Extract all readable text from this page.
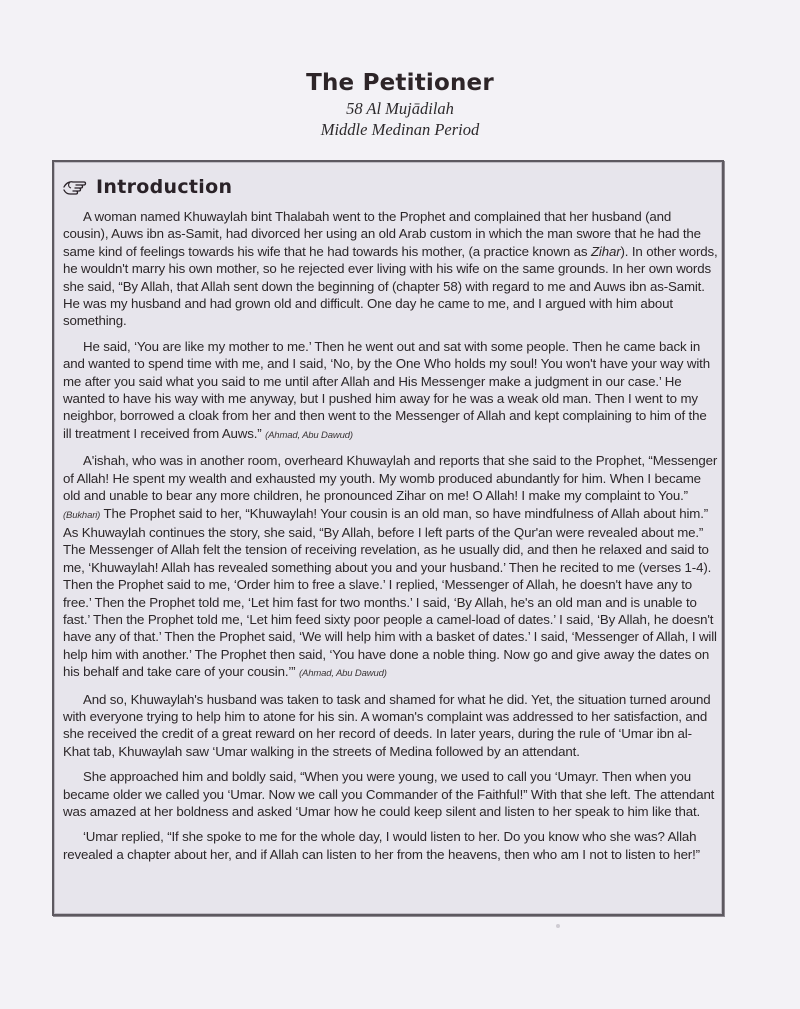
The Petitioner
58 Al Mujādilah
Middle Medinan Period
Introduction

A woman named Khuwaylah bint Thalabah went to the Prophet and complained that her husband (and cousin), Auws ibn as-Samit, had divorced her using an old Arab custom in which the man swore that he had the same kind of feelings towards his wife that he had towards his mother, (a practice known as Zihar). In other words, he wouldn't marry his own mother, so he rejected ever living with his wife on the same grounds. In her own words she said, “By Allah, that Allah sent down the beginning of (chapter 58) with regard to me and Auws ibn as-Samit. He was my husband and had grown old and difficult. One day he came to me, and I argued with him about something.

He said, ‘You are like my mother to me.’ Then he went out and sat with some people. Then he came back in and wanted to spend time with me, and I said, ‘No, by the One Who holds my soul! You won't have your way with me after you said what you said to me until after Allah and His Messenger make a judgment in our case.’ He wanted to have his way with me anyway, but I pushed him away for he was a weak old man. Then I went to my neighbor, borrowed a cloak from her and then went to the Messenger of Allah and kept complaining to him of the ill treatment I received from Auws.” (Ahmad, Abu Dawud)

A'ishah, who was in another room, overheard Khuwaylah and reports that she said to the Prophet, “Messenger of Allah! He spent my wealth and exhausted my youth. My womb produced abundantly for him. When I became old and unable to bear any more children, he pronounced Zihar on me! O Allah! I make my complaint to You.” (Bukhari) The Prophet said to her, “Khuwaylah! Your cousin is an old man, so have mindfulness of Allah about him.” As Khuwaylah continues the story, she said, “By Allah, before I left parts of the Qur'an were revealed about me.” The Messenger of Allah felt the tension of receiving revelation, as he usually did, and then he relaxed and said to me, ‘Khuwaylah! Allah has revealed something about you and your husband.’ Then he recited to me (verses 1-4). Then the Prophet said to me, ‘Order him to free a slave.’ I replied, ‘Messenger of Allah, he doesn't have any to free.’ Then the Prophet told me, ‘Let him fast for two months.’ I said, ‘By Allah, he's an old man and is unable to fast.’ Then the Prophet told me, ‘Let him feed sixty poor people a camel-load of dates.’ I said, ‘By Allah, he doesn't have any of that.’ Then the Prophet said, ‘We will help him with a basket of dates.’ I said, ‘Messenger of Allah, I will help him with another.’ The Prophet then said, ‘You have done a noble thing. Now go and give away the dates on his behalf and take care of your cousin.’” (Ahmad, Abu Dawud)

And so, Khuwaylah's husband was taken to task and shamed for what he did. Yet, the situation turned around with everyone trying to help him to atone for his sin. A woman's complaint was addressed to her satisfaction, and she received the credit of a great reward on her record of deeds. In later years, during the rule of ‘Umar ibn al-Khat tab, Khuwaylah saw ‘Umar walking in the streets of Medina followed by an attendant.

She approached him and boldly said, “When you were young, we used to call you ‘Umayr. Then when you became older we called you ‘Umar. Now we call you Commander of the Faithful!” With that she left. The attendant was amazed at her boldness and asked ‘Umar how he could keep silent and listen to her speak to him like that.

‘Umar replied, “If she spoke to me for the whole day, I would listen to her. Do you know who she was? Allah revealed a chapter about her, and if Allah can listen to her from the heavens, then who am I not to listen to her!”
